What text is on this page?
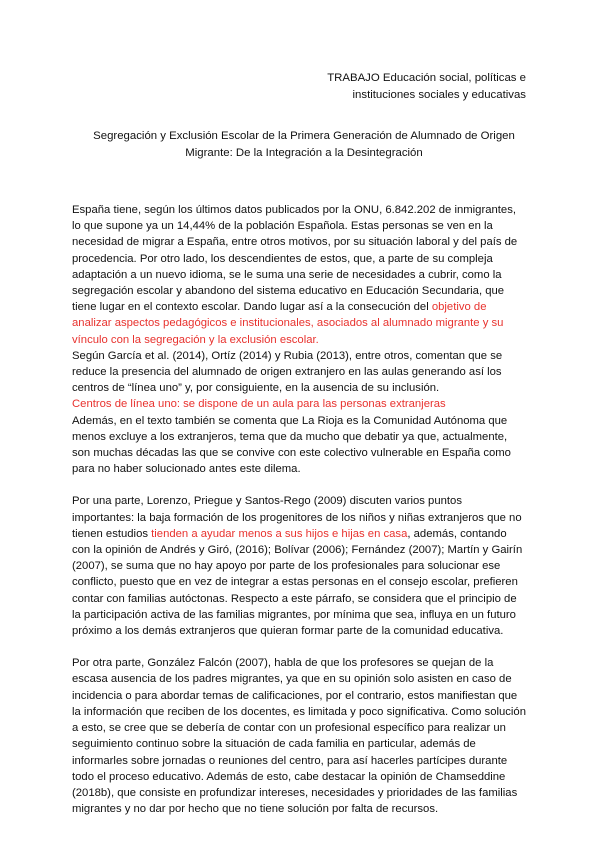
TRABAJO Educación social, políticas e
instituciones sociales y educativas
Segregación y Exclusión Escolar de la Primera Generación de Alumnado de Origen
Migrante: De la Integración a la Desintegración

España tiene, según los últimos datos publicados por la ONU, 6.842.202 de inmigrantes, lo que supone ya un 14,44% de la población Española. Estas personas se ven en la necesidad de migrar a España, entre otros motivos, por su situación laboral y del país de procedencia. Por otro lado, los descendientes de estos, que, a parte de su compleja adaptación a un nuevo idioma, se le suma una serie de necesidades a cubrir, como la segregación escolar y abandono del sistema educativo en Educación Secundaria, que tiene lugar en el contexto escolar. Dando lugar así a la consecución del objetivo de analizar aspectos pedagógicos e institucionales, asociados al alumnado migrante y su vínculo con la segregación y la exclusión escolar.

Según García et al. (2014), Ortíz (2014) y Rubia (2013), entre otros, comentan que se reduce la presencia del alumnado de origen extranjero en las aulas generando así los centros de “línea uno” y, por consiguiente, en la ausencia de su inclusión.

Centros de línea uno: se dispone de un aula para las personas extranjeras

Además, en el texto también se comenta que La Rioja es la Comunidad Autónoma que menos excluye a los extranjeros, tema que da mucho que debatir ya que, actualmente, son muchas décadas las que se convive con este colectivo vulnerable en España como para no haber solucionado antes este dilema.

Por una parte, Lorenzo, Priegue y Santos-Rego (2009) discuten varios puntos importantes: la baja formación de los progenitores de los niños y niñas extranjeros que no tienen estudios tienden a ayudar menos a sus hijos e hijas en casa, además, contando con la opinión de Andrés y Giró, (2016); Bolívar (2006); Fernández (2007); Martín y Gairín (2007), se suma que no hay apoyo por parte de los profesionales para solucionar ese conflicto, puesto que en vez de integrar a estas personas en el consejo escolar, prefieren contar con familias autóctonas. Respecto a este párrafo, se considera que el principio de la participación activa de las familias migrantes, por mínima que sea, influya en un futuro próximo a los demás extranjeros que quieran formar parte de la comunidad educativa.

Por otra parte, González Falcón (2007), habla de que los profesores se quejan de la escasa ausencia de los padres migrantes, ya que en su opinión solo asisten en caso de incidencia o para abordar temas de calificaciones, por el contrario, estos manifiestan que la información que reciben de los docentes, es limitada y poco significativa. Como solución a esto, se cree que se debería de contar con un profesional específico para realizar un seguimiento continuo sobre la situación de cada familia en particular, además de informarles sobre jornadas o reuniones del centro, para así hacerles partícipes durante todo el proceso educativo. Además de esto, cabe destacar la opinión de Chamseddine (2018b), que consiste en profundizar intereses, necesidades y prioridades de las familias migrantes y no dar por hecho que no tiene solución por falta de recursos.
